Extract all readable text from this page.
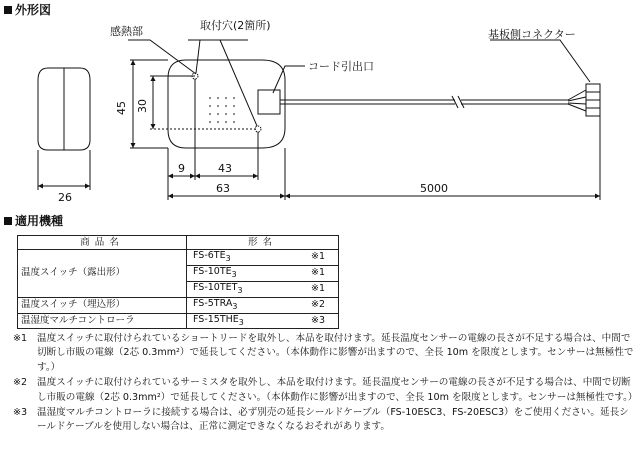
外形図
26
45 30
9	43
63	5000
感熱部	取付穴(2箇所)
コード引出口
基板側コネクター
適用機種
商品名	形名	
温度スイッチ（露出形）	$FS-6TE_3$	※1
	$FS-10TE_3$	※1
	$FS-10TET_3$	※1
温度スイッチ（埋込形）	$FS-5TRA_3$	※2
温湿度マルチコントローラ	$FS-15THE_3$	※3
※1 温度スイッチに取付けられているショートリードを取外し、本品を取付けます。延長温度センサーの電線の長さが不足する場合は、中間で切断し市販の電線（2芯 0.3mm²）で延長してください。（本体動作に影響が出ますので、全長 10m を限度とします。センサーは無極性です。）
※2 温度スイッチに取付けられているサーミスタを取外し、本品を取付けます。延長温度センサーの電線の長さが不足する場合は、中間で切断し市販の電線（2芯 0.3mm²）で延長してください。（本体動作に影響が出ますので、全長 10m を限度とします。センサーは無極性です。）
※3 温湿度マルチコントローラに接続する場合は、必ず別売の延長シールドケーブル（FS-10ESC3、FS-20ESC3）をご使用ください。延長シールドケーブルを使用しない場合は、正常に測定できなくなるおそれがあります。
